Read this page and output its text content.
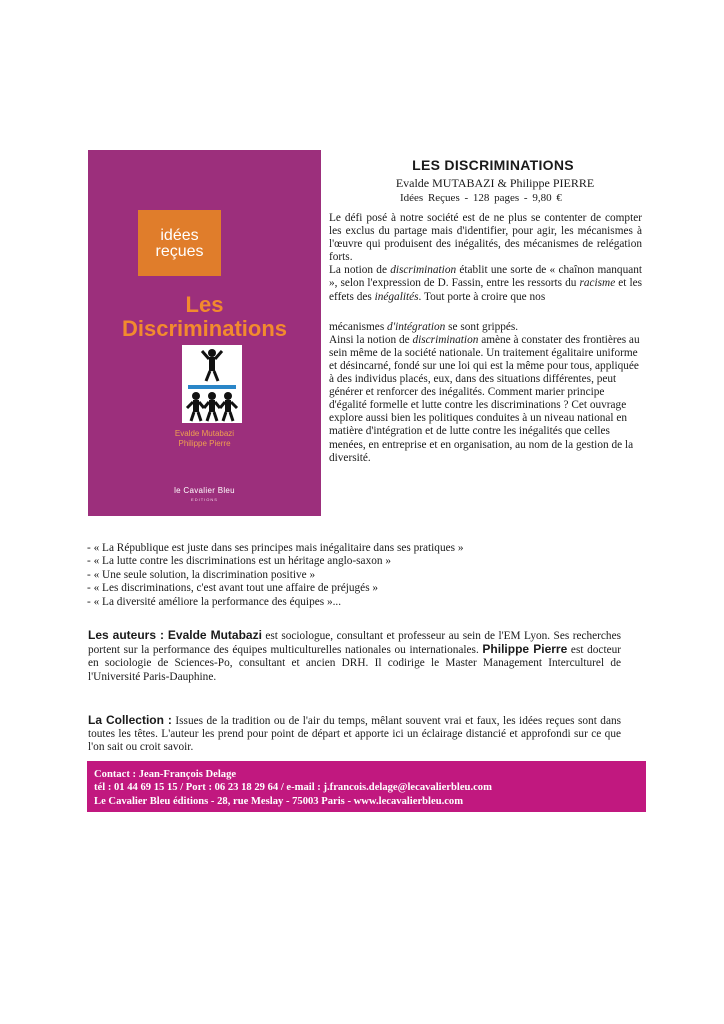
idées
reçues
Les
Discriminations
Evalde Mutabazi
Philippe Pierre
le Cavalier Bleu
EDITIONS
LES DISCRIMINATIONS
Evalde MUTABAZI & Philippe PIERRE
Idées Reçues - 128 pages - 9,80 €

Le défi posé à notre société est de ne plus se contenter de compter les exclus du partage mais d'identifier, pour agir, les mécanismes à l'œuvre qui produisent des inégalités, des mécanismes de relégation forts.

La notion de discrimination établit une sorte de « chaînon manquant », selon l'expression de D. Fassin, entre les ressorts du racisme et les effets des inégalités. Tout porte à croire que nos

mécanismes d'intégration se sont grippés.

Ainsi la notion de discrimination amène à constater des frontières au sein même de la société nationale. Un traitement égalitaire uniforme et désincarné, fondé sur une loi qui est la même pour tous, appliquée à des individus placés, eux, dans des situations différentes, peut générer et renforcer des inégalités. Comment marier principe d'égalité formelle et lutte contre les discriminations ? Cet ouvrage explore aussi bien les politiques conduites à un niveau national en matière d'intégration et de lutte contre les inégalités que celles menées, en entreprise et en organisation, au nom de la gestion de la diversité.

- « La République est juste dans ses principes mais inégalitaire dans ses pratiques »
- « La lutte contre les discriminations est un héritage anglo-saxon »
- « Une seule solution, la discrimination positive »
- « Les discriminations, c'est avant tout une affaire de préjugés »
- « La diversité améliore la performance des équipes »...
Les auteurs : Evalde Mutabazi est sociologue, consultant et professeur au sein de l'EM Lyon. Ses recherches portent sur la performance des équipes multiculturelles nationales ou internationales. Philippe Pierre est docteur en sociologie de Sciences-Po, consultant et ancien DRH. Il codirige le Master Management Interculturel de l'Université Paris-Dauphine.
La Collection : Issues de la tradition ou de l'air du temps, mêlant souvent vrai et faux, les idées reçues sont dans toutes les têtes. L'auteur les prend pour point de départ et apporte ici un éclairage distancié et approfondi sur ce que l'on sait ou croit savoir.
Contact : Jean-François Delage
tél : 01 44 69 15 15 / Port : 06 23 18 29 64 / e-mail : j.francois.delage@lecavalierbleu.com
Le Cavalier Bleu éditions - 28, rue Meslay - 75003 Paris - www.lecavalierbleu.com
